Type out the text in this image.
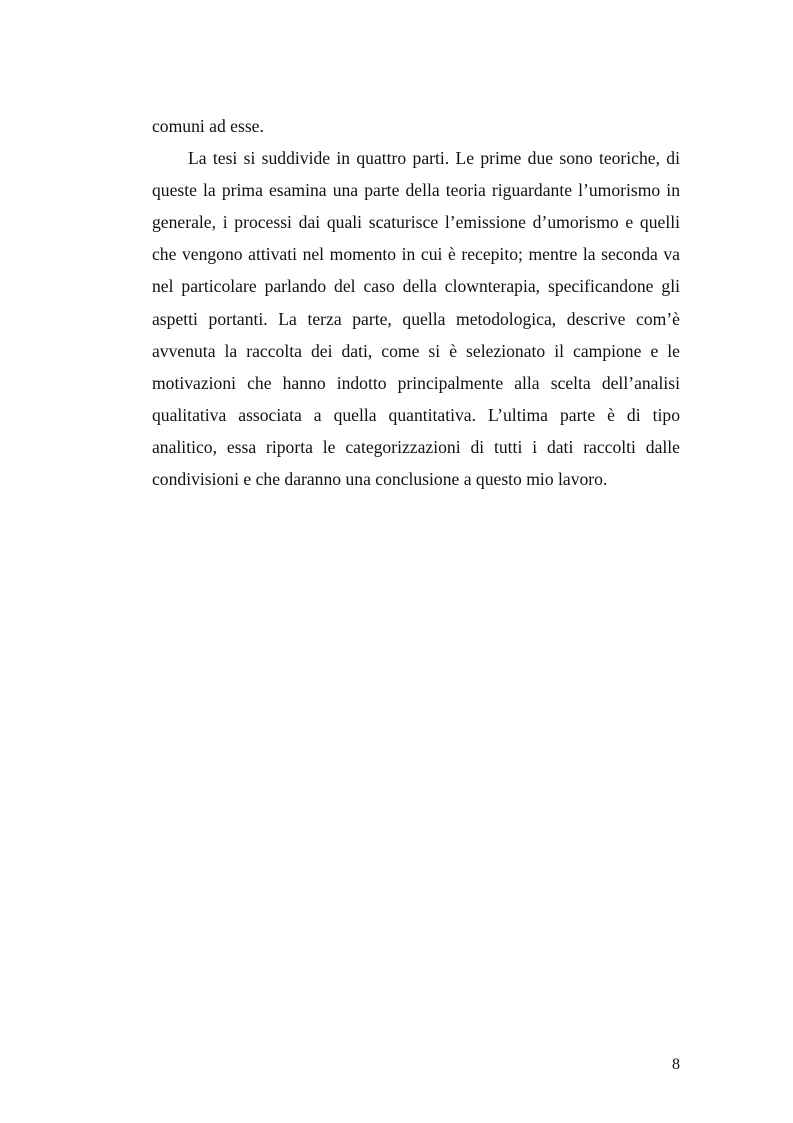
comuni ad esse.

La tesi si suddivide in quattro parti. Le prime due sono teoriche, di queste la prima esamina una parte della teoria riguardante l’umorismo in generale, i processi dai quali scaturisce l’emissione d’umorismo e quelli che vengono attivati nel momento in cui è recepito; mentre la seconda va nel particolare parlando del caso della clownterapia, specificandone gli aspetti portanti. La terza parte, quella metodologica, descrive com’è avvenuta la raccolta dei dati, come si è selezionato il campione e le motivazioni che hanno indotto principalmente alla scelta dell’analisi qualitativa associata a quella quantitativa. L’ultima parte è di tipo analitico, essa riporta le categorizzazioni di tutti i dati raccolti dalle condivisioni e che daranno una conclusione a questo mio lavoro.

8
